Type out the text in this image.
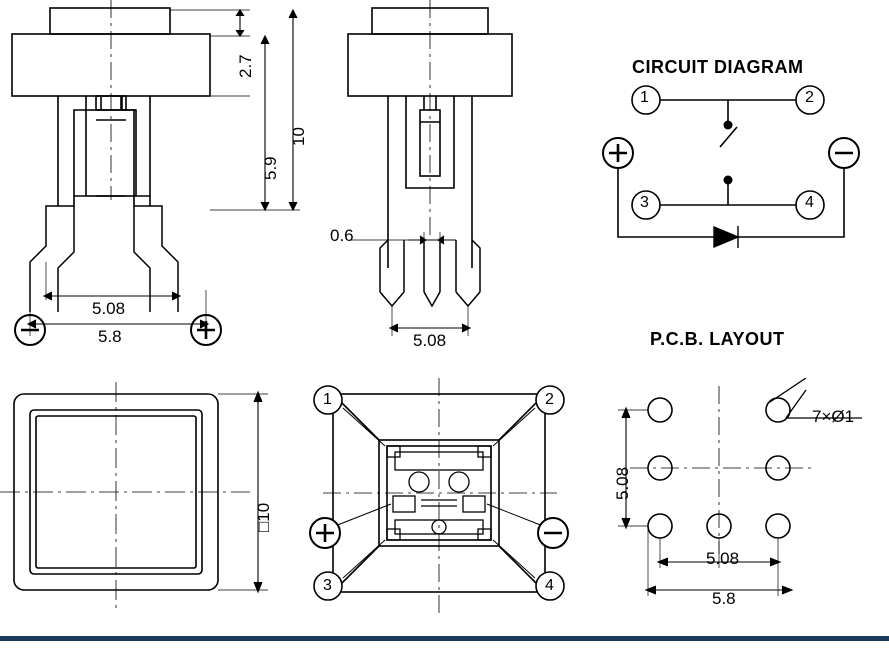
2.7
5.9
10
5.08
5.8
0.6
5.08
CIRCUIT DIAGRAM
1	2
3	4
P.C.B. LAYOUT
□10
1	2
3	4
5.08
5.08
5.8
7×Ø1
